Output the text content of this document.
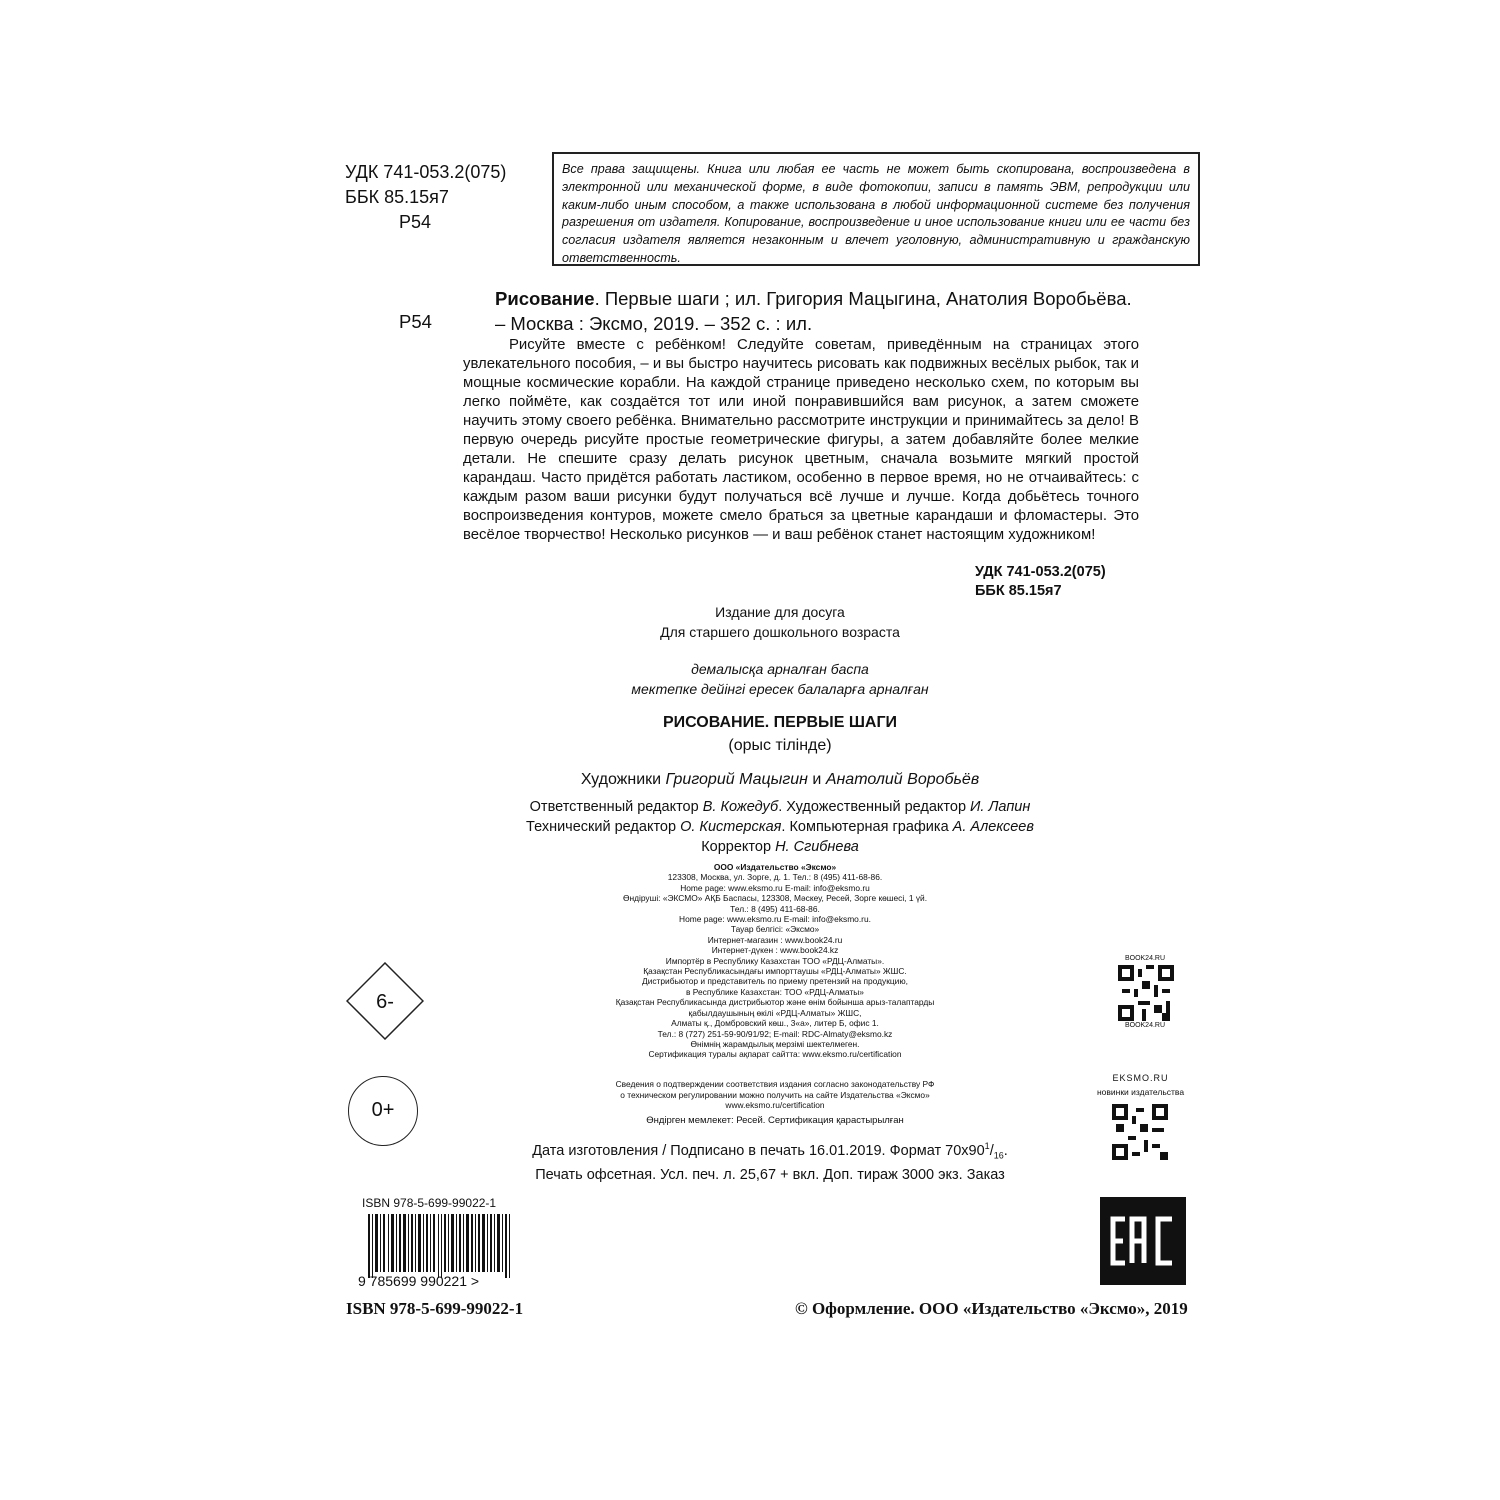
УДК 741-053.2(075)
ББК 85.15я7
Р54
Все права защищены. Книга или любая ее часть не может быть скопирована, воспроизведена в электронной или механической форме, в виде фотокопии, записи в память ЭВМ, репродукции или каким-либо иным способом, а также использована в любой информационной системе без получения разрешения от издателя. Копирование, воспроизведение и иное использование книги или ее части без согласия издателя является незаконным и влечет уголовную, административную и гражданскую ответственность.
Р54
Рисование. Первые шаги ; ил. Григория Мацыгина, Анатолия Воробьёва. – Москва : Эксмо, 2019. – 352 с. : ил.
Рисуйте вместе с ребёнком! Следуйте советам, приведённым на страницах этого увлекательного пособия, – и вы быстро научитесь рисовать как подвижных весёлых рыбок, так и мощные космические корабли. На каждой странице приведено несколько схем, по которым вы легко поймёте, как создаётся тот или иной понравившийся вам рисунок, а затем сможете научить этому своего ребёнка. Внимательно рассмотрите инструкции и принимайтесь за дело! В первую очередь рисуйте простые геометрические фигуры, а затем добавляйте более мелкие детали. Не спешите сразу делать рисунок цветным, сначала возьмите мягкий простой карандаш. Часто придётся работать ластиком, особенно в первое время, но не отчаивайтесь: с каждым разом ваши рисунки будут получаться всё лучше и лучше. Когда добьётесь точного воспроизведения контуров, можете смело браться за цветные карандаши и фломастеры. Это весёлое творчество! Несколько рисунков — и ваш ребёнок станет настоящим художником!
УДК 741-053.2(075)
ББК 85.15я7
Издание для досуга
Для старшего дошкольного возраста
демалысқа арналған баспа
мектепке дейінгі ересек балаларға арналған
РИСОВАНИЕ. ПЕРВЫЕ ШАГИ
(орыс тілінде)
Художники Григорий Мацыгин и Анатолий Воробьёв
Ответственный редактор В. Кожедуб. Художественный редактор И. Лапин
Технический редактор О. Кистерская. Компьютерная графика А. Алексеев
Корректор Н. Сгибнева
ООО «Издательство «Эксмо»
123308, Москва, ул. Зорге, д. 1. Тел.: 8 (495) 411-68-86.
Home page: www.eksmo.ru E-mail: info@eksmo.ru
Өндіруші: «ЭКСМО» АҚБ Баспасы, 123308, Мәскеу, Ресей, Зорге көшесі, 1 үй.
Тел.: 8 (495) 411-68-86.
Home page: www.eksmo.ru E-mail: info@eksmo.ru.
Тауар белгісі: «Эксмо»
Интернет-магазин : www.book24.ru
Интернет-дүкен : www.book24.kz
Импортёр в Республику Казахстан ТОО «РДЦ-Алматы».
Қазақстан Республикасындағы импорттаушы «РДЦ-Алматы» ЖШС.
Дистрибьютор и представитель по приему претензий на продукцию,
в Республике Казахстан: ТОО «РДЦ-Алматы»
Қазақстан Республикасында дистрибьютор және өнім бойынша арыз-талаптарды
қабылдаушының өкілі «РДЦ-Алматы» ЖШС,
Алматы қ., Домбровский көш., 3«а», литер Б, офис 1.
Тел.: 8 (727) 251-59-90/91/92; E-mail: RDC-Almaty@eksmo.kz
Өнімнің жарамдылық мерзімі шектелмеген.
Сертификация туралы ақпарат сайтта: www.eksmo.ru/certification
Сведения о подтверждении соответствия издания согласно законодательству РФ
о техническом регулировании можно получить на сайте Издательства «Эксмо»
www.eksmo.ru/certification
Өндірген мемлекет: Ресей. Сертификация қарастырылған
Дата изготовления / Подписано в печать 16.01.2019. Формат $70х90^1/_{16}$.
Печать офсетная. Усл. печ. л. 25,67 + вкл. Доп. тираж 3000 экз. Заказ
6-
0+
BOOK24.RU
BOOK24.RU
EKSMO.RU
новинки издательства
EAC
ISBN 978-5-699-99022-1
9 785699 990221 >
ISBN 978-5-699-99022-1	© Оформление. ООО «Издательство «Эксмо», 2019
